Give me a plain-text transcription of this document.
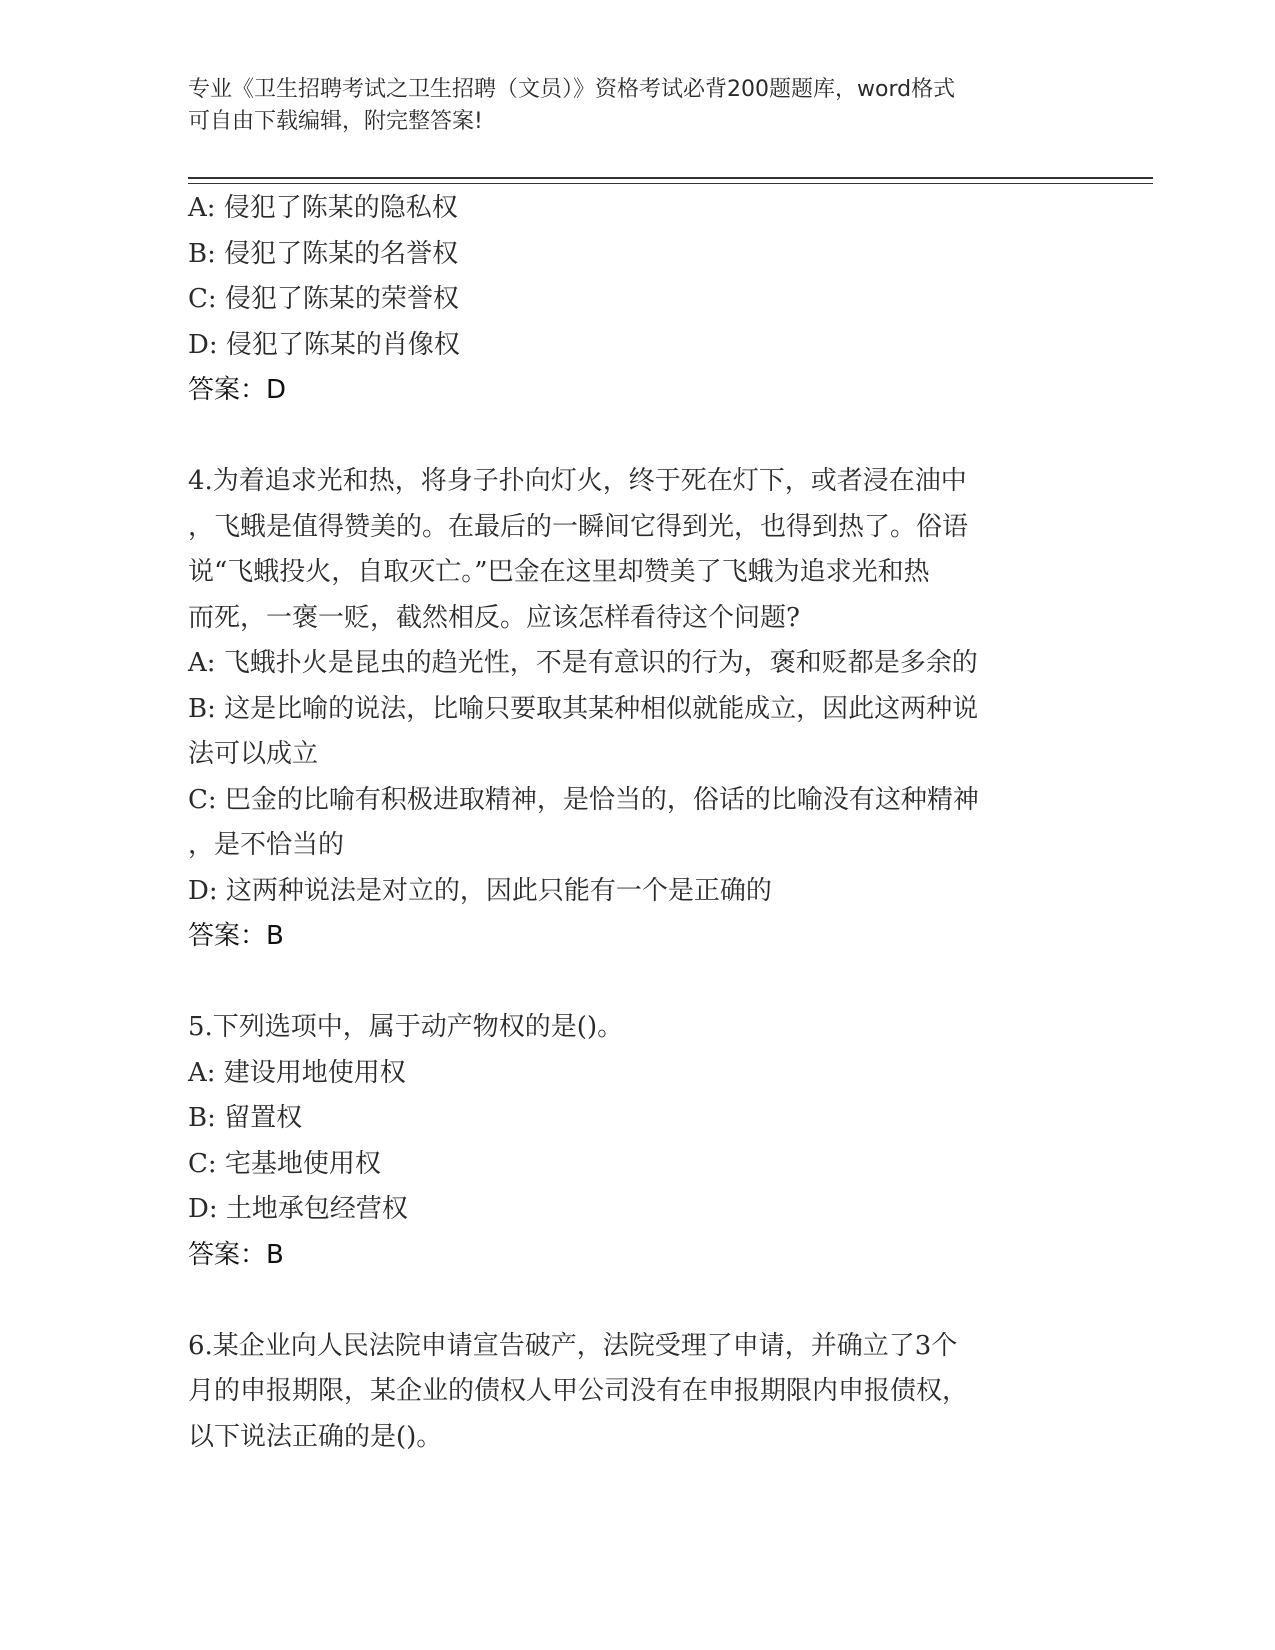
专业《卫生招聘考试之卫生招聘（文员）》资格考试必背200题题库，word格式
可自由下载编辑，附完整答案!
A: 侵犯了陈某的隐私权
B: 侵犯了陈某的名誉权
C: 侵犯了陈某的荣誉权
D: 侵犯了陈某的肖像权
答案：D
4.为着追求光和热，将身子扑向灯火，终于死在灯下，或者浸在油中
，飞蛾是值得赞美的。在最后的一瞬间它得到光，也得到热了。俗语
说“飞蛾投火，自取灭亡。”巴金在这里却赞美了飞蛾为追求光和热
而死，一褒一贬，截然相反。应该怎样看待这个问题?
A: 飞蛾扑火是昆虫的趋光性，不是有意识的行为，褒和贬都是多余的
B: 这是比喻的说法，比喻只要取其某种相似就能成立，因此这两种说
法可以成立
C: 巴金的比喻有积极进取精神，是恰当的，俗话的比喻没有这种精神
，是不恰当的
D: 这两种说法是对立的，因此只能有一个是正确的
答案：B
5.下列选项中，属于动产物权的是()。
A: 建设用地使用权
B: 留置权
C: 宅基地使用权
D: 土地承包经营权
答案：B
6.某企业向人民法院申请宣告破产，法院受理了申请，并确立了3个
月的申报期限，某企业的债权人甲公司没有在申报期限内申报债权，
以下说法正确的是()。
